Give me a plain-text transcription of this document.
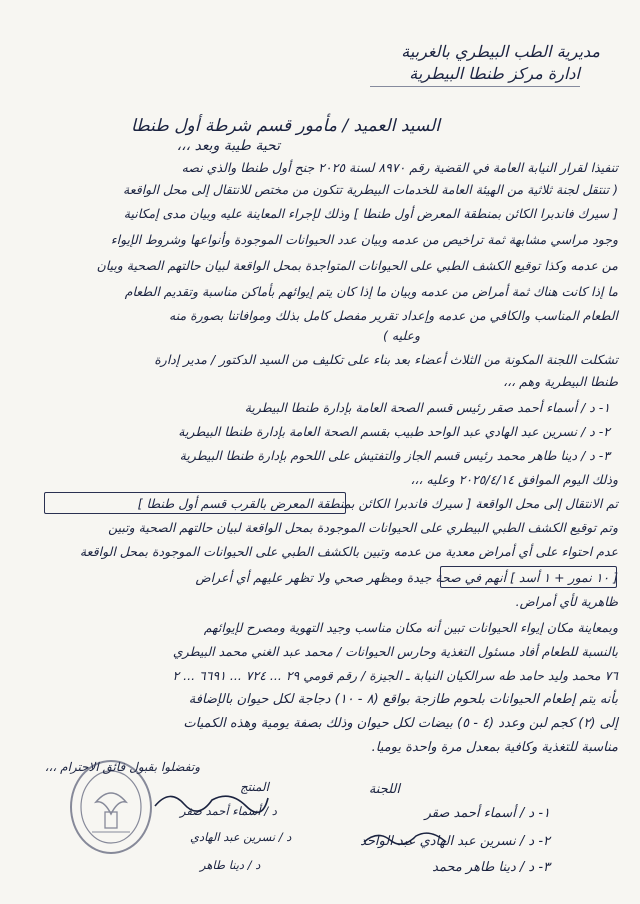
مديرية الطب البيطري بالغربية
ادارة مركز طنطا البيطرية
السيد العميد / مأمور قسم شرطة أول طنطا
تحية طيبة وبعد ،،،
تنفيذا لقرار النيابة العامة في القضية رقم ٨٩٧٠ لسنة ٢٠٢٥ جنح أول طنطا والذي نصه
( تنتقل لجنة ثلاثية من الهيئة العامة للخدمات البيطرية تتكون من مختص للانتقال إلى محل الواقعة
[ سيرك فاندبرا الكائن بمنطقة المعرض أول طنطا ] وذلك لإجراء المعاينة عليه وبيان مدى إمكانية
وجود مراسي مشابهة ثمة تراخيص من عدمه وبيان عدد الحيوانات الموجودة وأنواعها وشروط الإيواء
من عدمه وكذا توقيع الكشف الطبي على الحيوانات المتواجدة بمحل الواقعة لبيان حالتهم الصحية وبيان
ما إذا كانت هناك ثمة أمراض من عدمه وبيان ما إذا كان يتم إيوائهم بأماكن مناسبة وتقديم الطعام
الطعام المناسب والكافي من عدمه وإعداد تقرير مفصل كامل بذلك وموافاتنا بصورة منه
وعليه )
تشكلت اللجنة المكونة من الثلاث أعضاء بعد بناء على تكليف من السيد الدكتور / مدير إدارة
طنطا البيطرية وهم ،،،
١- د / أسماء أحمد صقر رئيس قسم الصحة العامة بإدارة طنطا البيطرية
٢- د / نسرين عبد الهادي عبد الواحد طبيب بقسم الصحة العامة بإدارة طنطا البيطرية
٣- د / دينا طاهر محمد رئيس قسم الجاز والتفتيش على اللحوم بإدارة طنطا البيطرية
وذلك اليوم الموافق ٢٠٢٥/٤/١٤ وعليه ،،،
تم الانتقال إلى محل الواقعة [ سيرك فاندبرا الكائن بمنطقة المعرض بالقرب قسم أول طنطا ]
وتم توقيع الكشف الطبي البيطري على الحيوانات الموجودة بمحل الواقعة لبيان حالتهم الصحية وتبين
عدم احتواء على أي أمراض معدية من عدمه وتبين بالكشف الطبي على الحيوانات الموجودة بمحل الواقعة
[ ١٠ نمور + ١ أسد ] أنهم في صحة جيدة ومظهر صحي ولا تظهر عليهم أي أعراض
ظاهرية لأي أمراض.
وبمعاينة مكان إيواء الحيوانات تبين أنه مكان مناسب وجيد التهوية ومصرح لإيوائهم
بالنسبة للطعام أفاد مسئول التغذية وحارس الحيوانات / محمد عبد الغني محمد البيطري
٧٦ محمد وليد حامد طه سرالكيان النيابة ـ الجيزة / رقم قومي ٢٩ ... ٧٢٤ ... ٦٦٩١ ... ٢
بأنه يتم إطعام الحيوانات بلحوم طازجة بواقع (٨ - ١٠) دجاجة لكل حيوان بالإضافة
إلى (٢) كجم لبن وعدد (٤ - ٥) بيضات لكل حيوان وذلك بصفة يومية وهذه الكميات
مناسبة للتغذية وكافية بمعدل مرة واحدة يوميا.
وتفضلوا بقبول فائق الاحترام ،،،
اللجنة
المنتج
١- د / أسماء أحمد صقر
٢- د / نسرين عبد الهادي عبد الواحد
٣- د / دينا طاهر محمد
د / أسماء أحمد صقر
د / نسرين عبد الهادي
د / دينا طاهر
